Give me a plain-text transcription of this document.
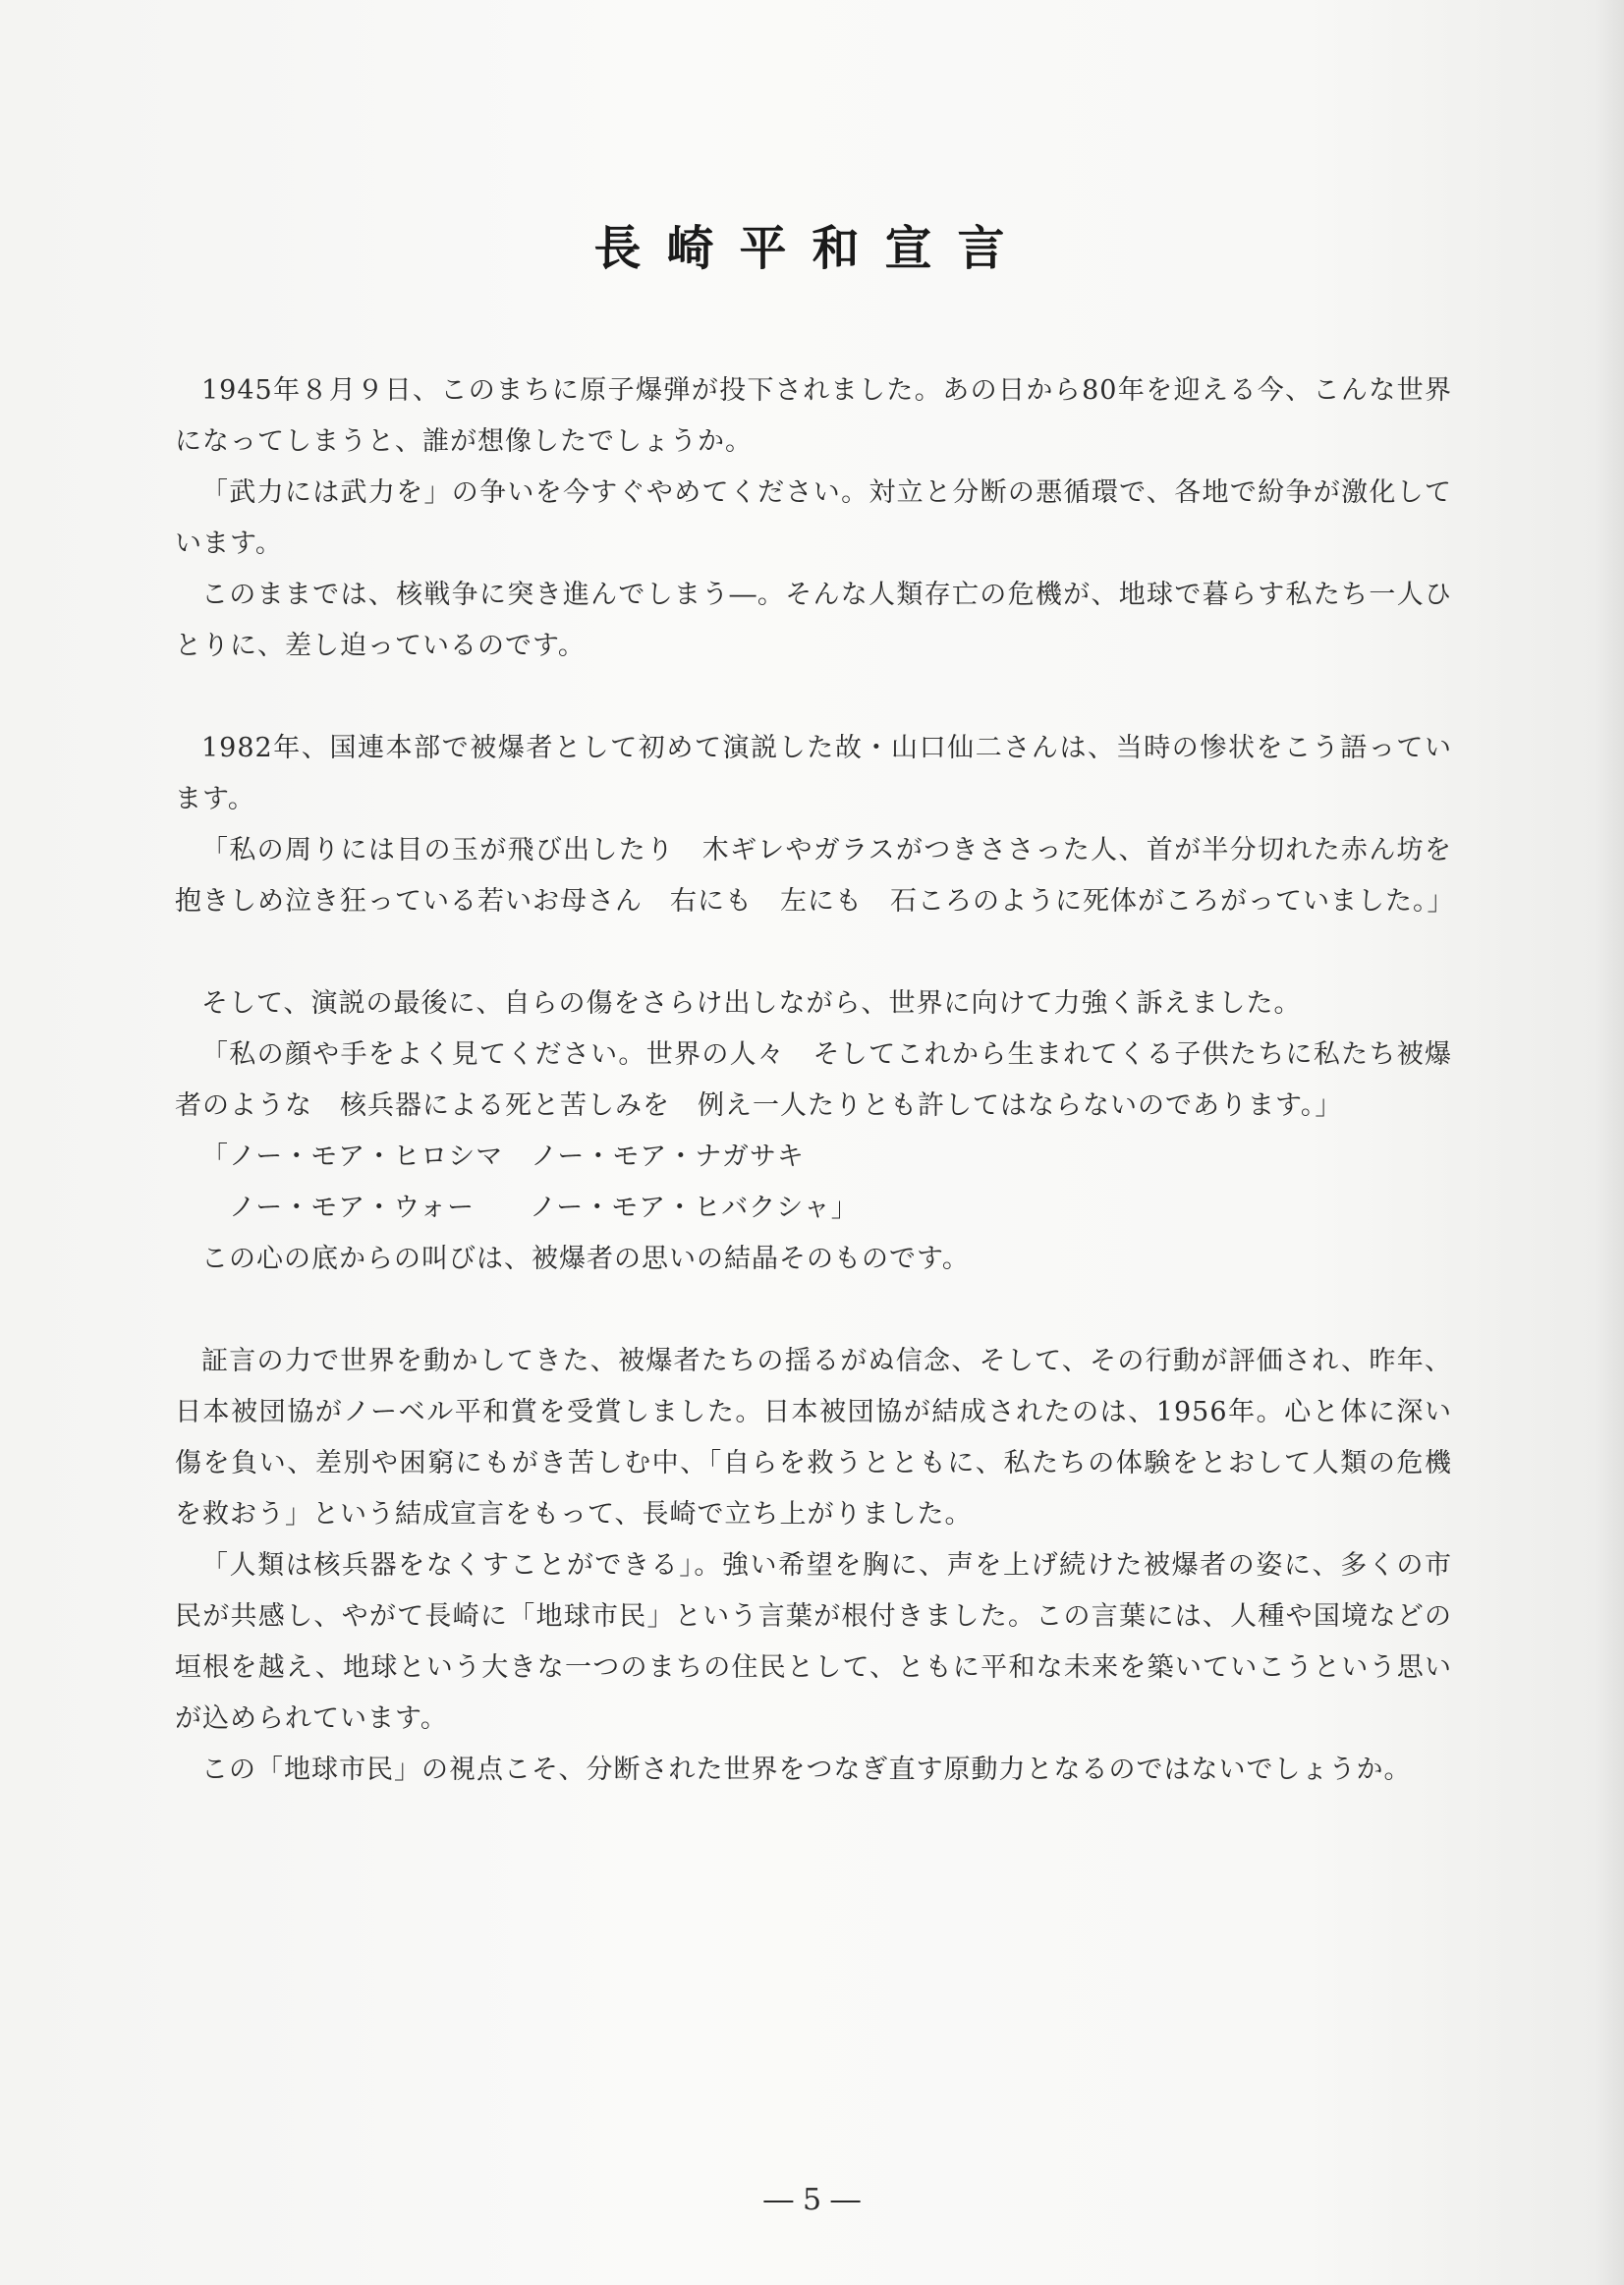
長崎平和宣言

1945年８月９日、このまちに原子爆弾が投下されました。あの日から80年を迎える今、こんな世界になってしまうと、誰が想像したでしょうか。

「武力には武力を」の争いを今すぐやめてください。対立と分断の悪循環で、各地で紛争が激化しています。

このままでは、核戦争に突き進んでしまう―。そんな人類存亡の危機が、地球で暮らす私たち一人ひとりに、差し迫っているのです。

1982年、国連本部で被爆者として初めて演説した故・山口仙二さんは、当時の惨状をこう語っています。

「私の周りには目の玉が飛び出したり　木ギレやガラスがつきささった人、首が半分切れた赤ん坊を抱きしめ泣き狂っている若いお母さん　右にも　左にも　石ころのように死体がころがっていました。」

そして、演説の最後に、自らの傷をさらけ出しながら、世界に向けて力強く訴えました。

「私の顔や手をよく見てください。世界の人々　そしてこれから生まれてくる子供たちに私たち被爆者のような　核兵器による死と苦しみを　例え一人たりとも許してはならないのであります。」

「ノー・モア・ヒロシマ　ノー・モア・ナガサキ

　ノー・モア・ウォー　　ノー・モア・ヒバクシャ」

この心の底からの叫びは、被爆者の思いの結晶そのものです。

証言の力で世界を動かしてきた、被爆者たちの揺るがぬ信念、そして、その行動が評価され、昨年、日本被団協がノーベル平和賞を受賞しました。日本被団協が結成されたのは、1956年。心と体に深い傷を負い、差別や困窮にもがき苦しむ中、「自らを救うとともに、私たちの体験をとおして人類の危機を救おう」という結成宣言をもって、長崎で立ち上がりました。

「人類は核兵器をなくすことができる」。強い希望を胸に、声を上げ続けた被爆者の姿に、多くの市民が共感し、やがて長崎に「地球市民」という言葉が根付きました。この言葉には、人種や国境などの垣根を越え、地球という大きな一つのまちの住民として、ともに平和な未来を築いていこうという思いが込められています。

この「地球市民」の視点こそ、分断された世界をつなぎ直す原動力となるのではないでしょうか。

― 5 ―
